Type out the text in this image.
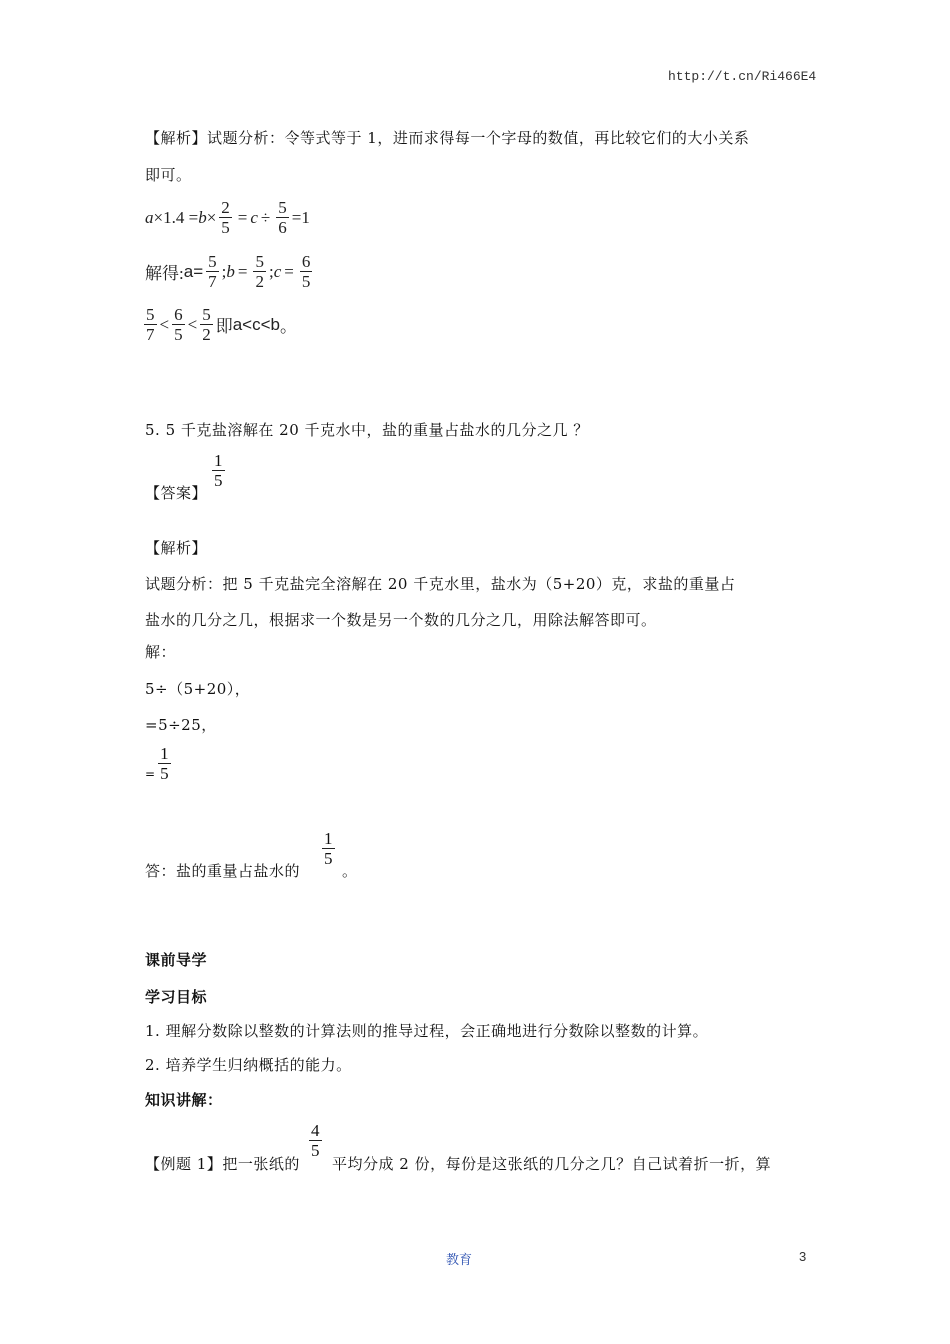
http://t.cn/Ri466E4
【解析】试题分析：令等式等于 1，进而求得每一个字母的数值，再比较它们的大小关系
即可。
$a \times 1.4 = b \times \frac{2}{5} = c \div \frac{5}{6} =1$
解得: $a= \frac{5}{7}$ ; $b = \frac{5}{2}$ ; $c = \frac{6}{5}$
$\frac{5}{7} < \frac{6}{5} < \frac{5}{2}$ 即 a<c<b 。
5. 5 千克盐溶解在 20 千克水中，盐的重量占盐水的几分之几 ？
【答案】
$\frac{1}{5}$
【解析】
试题分析：把 5 千克盐完全溶解在 20 千克水里，盐水为（5+20）克，求盐的重量占
盐水的几分之几，根据求一个数是另一个数的几分之几，用除法解答即可。
解：
5÷（5+20），
=5÷25，
= $\frac{1}{5}$
答：盐的重量占盐水的
$\frac{1}{5}$
。
课前导学
学习目标
1. 理解分数除以整数的计算法则的推导过程，会正确地进行分数除以整数的计算。
2. 培养学生归纳概括的能力。
知识讲解：
【例题 1】把一张纸的
$\frac{4}{5}$
平均分成 2 份，每份是这张纸的几分之几？自己试着折一折，算
教育	3
